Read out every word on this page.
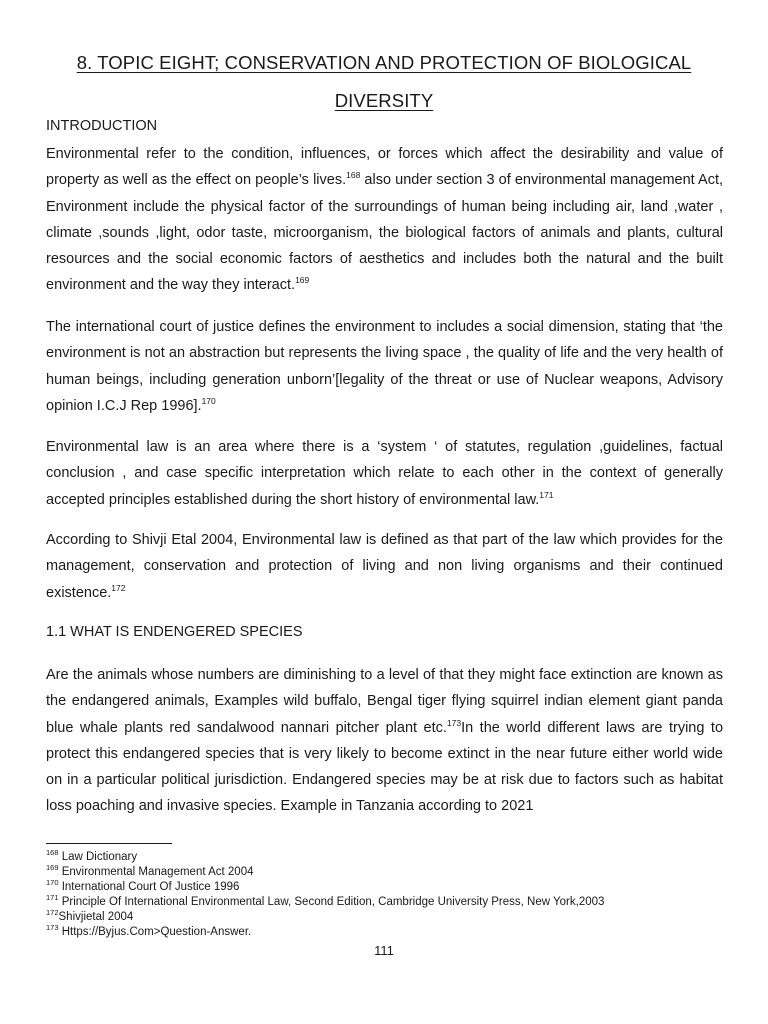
8. TOPIC EIGHT; CONSERVATION AND PROTECTION OF BIOLOGICAL DIVERSITY
INTRODUCTION

Environmental refer to the condition, influences, or forces which affect the desirability and value of property as well as the effect on people’s lives.$^{168}$ also under section 3 of environmental management Act, Environment include the physical factor of the surroundings of human being including air, land ,water , climate ,sounds ,light, odor taste, microorganism, the biological factors of animals and plants, cultural resources and the social economic factors of aesthetics and includes both the natural and the built environment and the way they interact.$^{169}$

The international court of justice defines the environment to includes a social dimension, stating that ‘the environment is not an abstraction but represents the living space , the quality of life and the very health of human beings, including generation unborn’[legality of the threat or use of Nuclear weapons, Advisory opinion I.C.J Rep 1996].$^{170}$

Environmental law is an area where there is a ‘system ‘ of statutes, regulation ,guidelines, factual conclusion , and case specific interpretation which relate to each other in the context of generally accepted principles established during the short history of environmental law.$^{171}$

According to Shivji Etal 2004, Environmental law is defined as that part of the law which provides for the management, conservation and protection of living and non living organisms and their continued existence.$^{172}$

1.1 WHAT IS ENDENGERED SPECIES

Are the animals whose numbers are diminishing to a level of that they might face extinction are known as the endangered animals, Examples wild buffalo, Bengal tiger flying squirrel indian element giant panda blue whale plants red sandalwood nannari pitcher plant etc.$^{173}$In the world different laws are trying to protect this endangered species that is very likely to become extinct in the near future either world wide on in a particular political jurisdiction. Endangered species may be at risk due to factors such as habitat loss poaching and invasive species. Example in Tanzania according to 2021

$^{168}$ Law Dictionary
$^{169}$ Environmental Management Act 2004
$^{170}$ International Court Of Justice 1996
$^{171}$ Principle Of International Environmental Law, Second Edition, Cambridge University Press, New York,2003
$^{172}$Shivjietal 2004
$^{173}$ Https://Byjus.Com>Question-Answer.
111
